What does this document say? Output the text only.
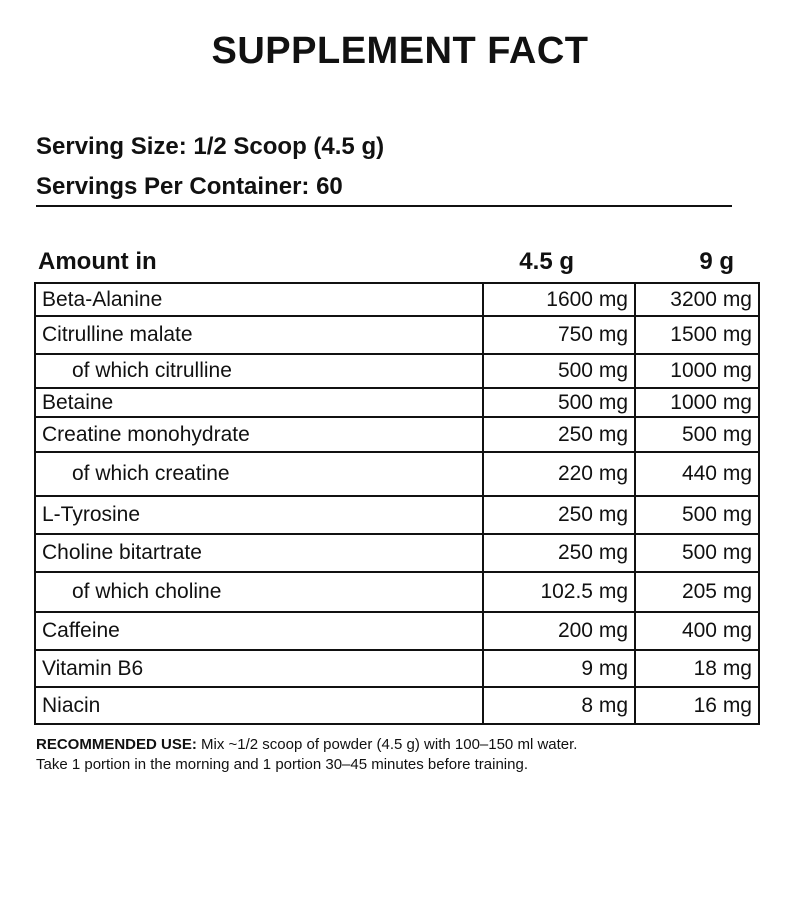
SUPPLEMENT FACT
Serving Size: 1/2 Scoop (4.5 g)
Servings Per Container: 60
Amount in	4.5 g	9 g
Beta-Alanine	1600 mg	3200 mg
Citrulline malate	750 mg	1500 mg
of which citrulline	500 mg	1000 mg
Betaine	500 mg	1000 mg
Creatine monohydrate	250 mg	500 mg
of which creatine	220 mg	440 mg
L-Tyrosine	250 mg	500 mg
Choline bitartrate	250 mg	500 mg
of which choline	102.5 mg	205 mg
Caffeine	200 mg	400 mg
Vitamin B6	9 mg	18 mg
Niacin	8 mg	16 mg
RECOMMENDED USE: Mix ~1/2 scoop of powder (4.5 g) with 100–150 ml water.
Take 1 portion in the morning and 1 portion 30–45 minutes before training.
